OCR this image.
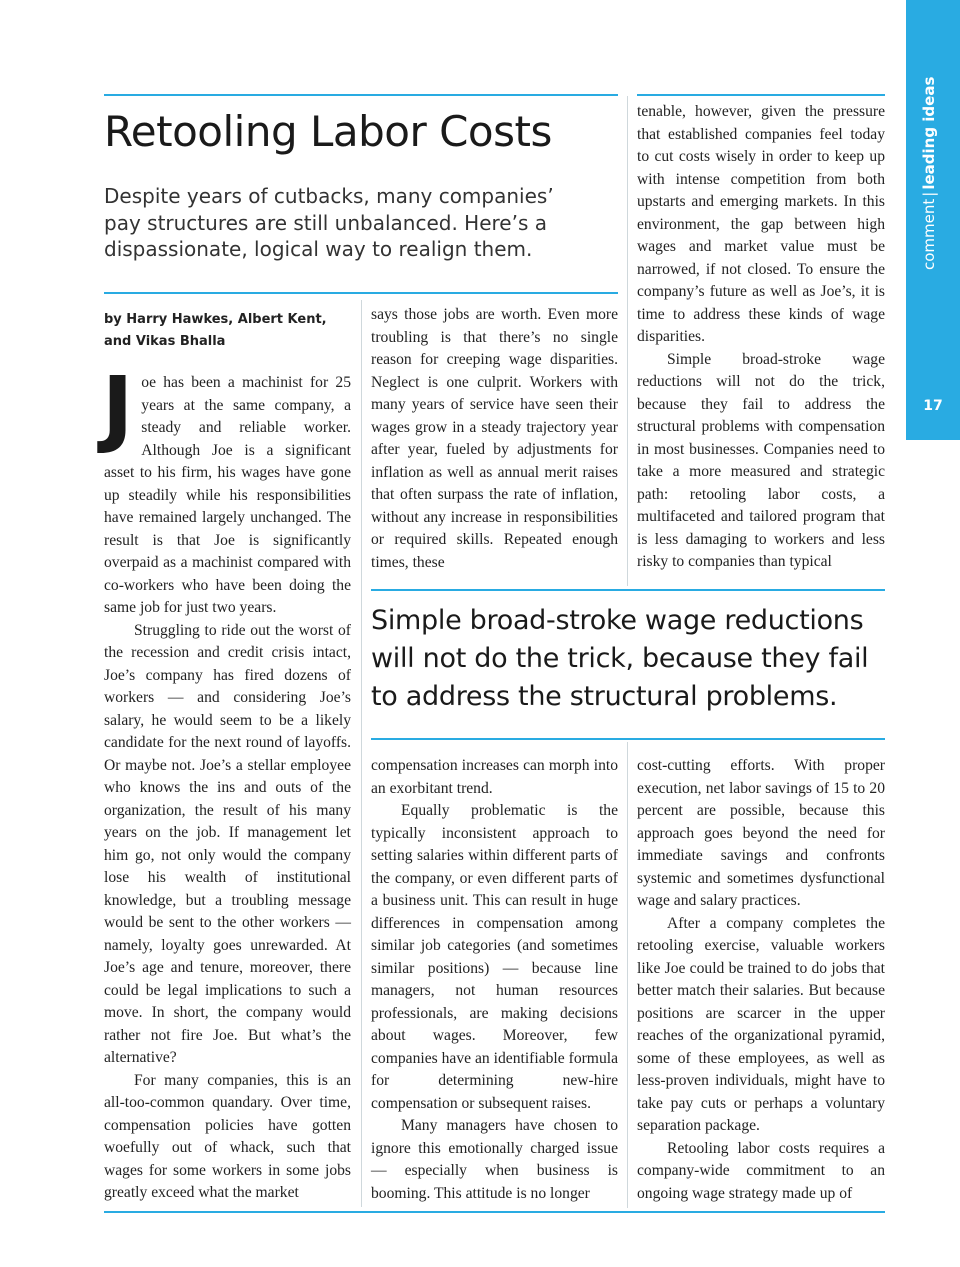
comment|leading ideas
17
Retooling Labor Costs
Despite years of cutbacks, many companies’ pay structures are still unbalanced. Here’s a dispassionate, logical way to realign them.
by Harry Hawkes, Albert Kent, and Vikas Bhalla

Joe has been a machinist for 25 years at the same company, a steady and reliable worker. Although Joe is a significant asset to his firm, his wages have gone up steadily while his responsibilities have remained largely unchanged. The result is that Joe is significantly overpaid as a machinist compared with co-workers who have been doing the same job for just two years.

Struggling to ride out the worst of the recession and credit crisis intact, Joe’s company has fired dozens of workers — and considering Joe’s salary, he would seem to be a likely candidate for the next round of layoffs. Or maybe not. Joe’s a stellar employee who knows the ins and outs of the organization, the result of his many years on the job. If management let him go, not only would the company lose his wealth of institutional knowledge, but a troubling message would be sent to the other workers — namely, loyalty goes unrewarded. At Joe’s age and tenure, moreover, there could be legal implications to such a move. In short, the company would rather not fire Joe. But what’s the alternative?

For many companies, this is an all-too-common quandary. Over time, compensation policies have gotten woefully out of whack, such that wages for some workers in some jobs greatly exceed what the market

says those jobs are worth. Even more troubling is that there’s no single reason for creeping wage disparities. Neglect is one culprit. Workers with many years of service have seen their wages grow in a steady trajectory year after year, fueled by adjustments for inflation as well as annual merit raises that often surpass the rate of inflation, without any increase in responsibilities or required skills. Repeated enough times, these

tenable, however, given the pressure that established companies feel today to cut costs wisely in order to keep up with intense competition from both upstarts and emerging markets. In this environment, the gap between high wages and market value must be narrowed, if not closed. To ensure the company’s future as well as Joe’s, it is time to address these kinds of wage disparities.

Simple broad-stroke wage reductions will not do the trick, because they fail to address the structural problems with compensation in most businesses. Companies need to take a more measured and strategic path: retooling labor costs, a multifaceted and tailored program that is less damaging to workers and less risky to companies than typical

Simple broad-stroke wage reductions will not do the trick, because they fail to address the structural problems.

compensation increases can morph into an exorbitant trend.

Equally problematic is the typically inconsistent approach to setting salaries within different parts of the company, or even different parts of a business unit. This can result in huge differences in compensation among similar job categories (and sometimes similar positions) — because line managers, not human resources professionals, are making decisions about wages. Moreover, few companies have an identifiable formula for determining new-hire compensation or subsequent raises.

Many managers have chosen to ignore this emotionally charged issue — especially when business is booming. This attitude is no longer

cost-cutting efforts. With proper execution, net labor savings of 15 to 20 percent are possible, because this approach goes beyond the need for immediate savings and confronts systemic and sometimes dysfunctional wage and salary practices.

After a company completes the retooling exercise, valuable workers like Joe could be trained to do jobs that better match their salaries. But because positions are scarcer in the upper reaches of the organizational pyramid, some of these employees, as well as less-proven individuals, might have to take pay cuts or perhaps a voluntary separation package.

Retooling labor costs requires a company-wide commitment to an ongoing wage strategy made up of
